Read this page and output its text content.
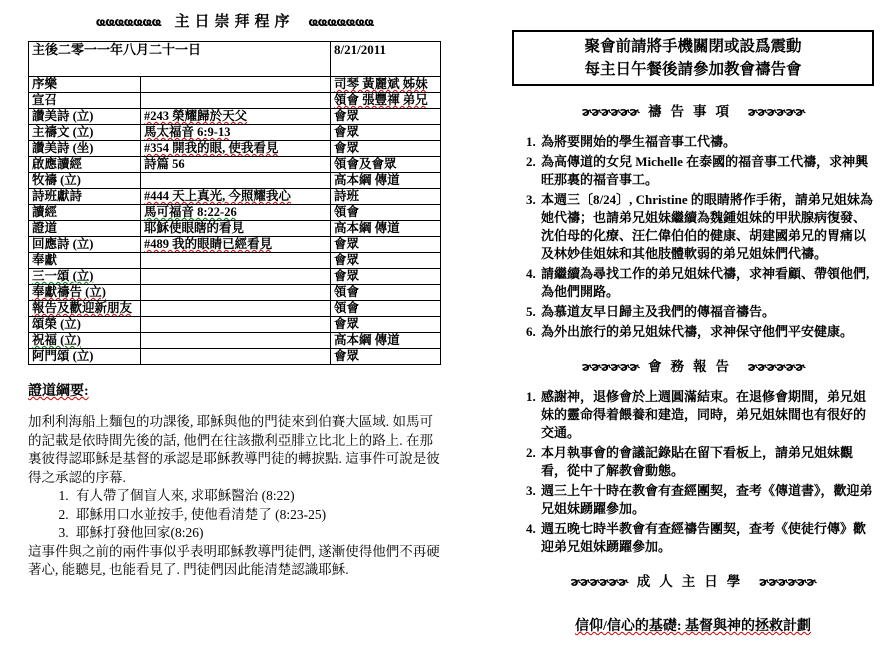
ҩҩҩҩҩҩҩ 主日崇拜程序 ҩҩҩҩҩҩҩ
主後二零一一年八月二十一日		8/21/2011
序樂		司琴 黃麗斌 姊妹
宣召		領會 張豐禈 弟兄
讚美詩 (立)	#243 榮耀歸於天父	會眾
主禱文 (立)	馬太福音 6:9-13	會眾
讚美詩 (坐)	#354 開我的眼, 使我看見	會眾
啟應讀經	詩篇 56	領會及會眾
牧禱 (立)		高本綱 傳道
詩班獻詩	#444 天上真光, 今照耀我心	詩班
讀經	馬可福音 8:22-26	領會
證道	耶穌使眼瞎的看見	高本綱 傳道
回應詩 (立)	#489 我的眼睛已經看見	會眾
奉獻		會眾
三一頌 (立)		會眾
奉獻禱告 (立)		領會
報告及歡迎新朋友		領會
頌榮 (立)		會眾
祝福 (立)		高本綱 傳道
阿門頌 (立)		會眾
證道綱要:

加利利海船上麵包的功課後, 耶穌與他的門徒來到伯賽大區域. 如馬可的記載是依時間先後的話, 他們在往該撒利亞腓立比北上的路上. 在那裏彼得認耶穌是基督的承認是耶穌教導門徒的轉捩點. 這事件可說是彼得之承認的序幕.

1. 有人帶了個盲人來, 求耶穌醫治 (8:22)
2. 耶穌用口水並按手, 使他看清楚了 (8:23-25)
3. 耶穌打發他回家(8:26)

這事件與之前的兩件事似乎表明耶穌教導門徒們, 遂漸使得他們不再硬著心, 能聽見, 也能看見了. 門徒們因此能清楚認識耶穌.

聚會前請將手機關閉或設爲震動
每主日午餐後請參加教會禱告會
ɚɚɚɚɚɚ 禱告事項 ɚɚɚɚɚɚ
1. 為將要開始的學生福音事工代禱。
2. 為高傳道的女兒 Michelle 在泰國的福音事工代禱，求神興旺那裏的福音事工。
3. 本週三〔8/24〕, Christine 的眼睛將作手術，請弟兄姐妹為她代禱；也請弟兄姐妹繼續為魏鍾姐妹的甲狀腺病復發、沈伯母的化療、汪仁偉伯伯的健康、胡建國弟兄的胃痛以及林妙佳姐妹和其他肢體軟弱的弟兄姐妹們代禱。
4. 請繼續為尋找工作的弟兄姐妹代禱，求神看顧、帶領他們, 為他們開路。
5. 為慕道友早日歸主及我們的傳福音禱告。
6. 為外出旅行的弟兄姐妹代禱，求神保守他們平安健康。
ɚɚɚɚɚɚ 會務報告 ɚɚɚɚɚɚ
1. 感謝神，退修會於上週圓滿結束。在退修會期間，弟兄姐妹的靈命得着餵養和建造，同時，弟兄姐妹間也有很好的交通。
2. 本月執事會的會議記錄貼在留下看板上，請弟兄姐妹觀看，從中了解教會動態。
3. 週三上午十時在教會有查經團契，查考《傳道書》，歡迎弟兄姐妹踴躍參加。
4. 週五晚七時半教會有查經禱告團契，查考《使徒行傳》歡迎弟兄姐妹踴躍參加。
ɚɚɚɚɚɚ 成人主日學 ɚɚɚɚɚɚ
信仰/信心的基礎: 基督與神的拯救計劃
